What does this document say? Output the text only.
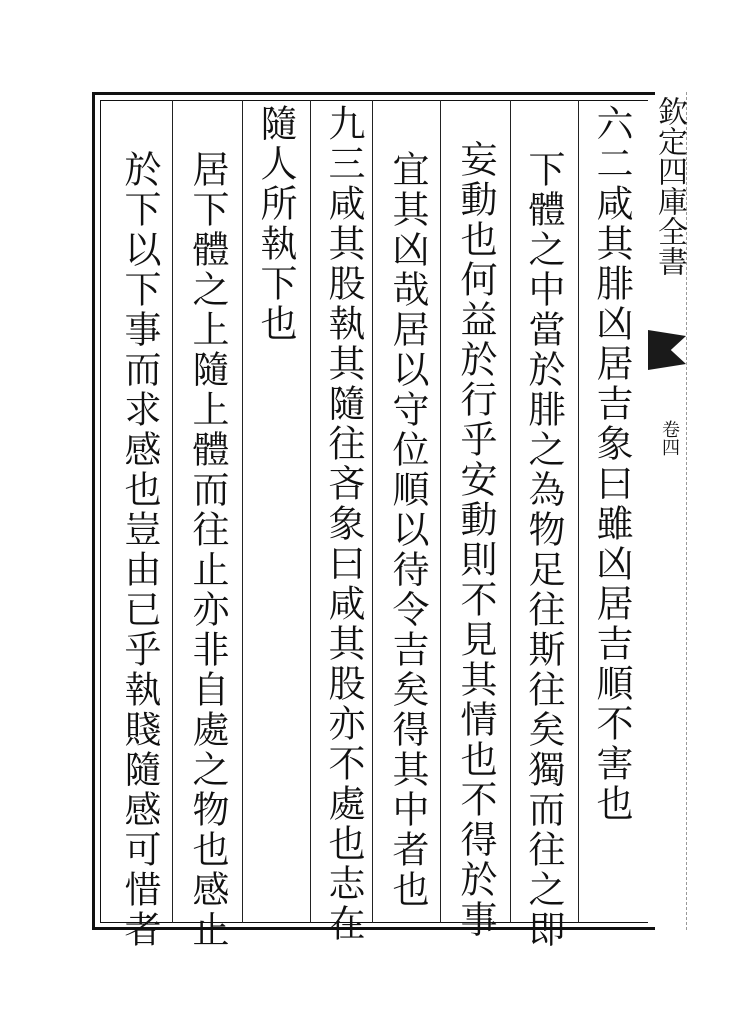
欽定四庫全書
卷四
六二咸其腓凶居吉象曰雖凶居吉順不害也
下體之中當於腓之為物足往斯往矣獨而往之即
妄動也何益於行乎安動則不見其情也不得於事
宜其凶哉居以守位順以待令吉矣得其中者也
九三咸其股執其隨往吝象曰咸其股亦不處也志在
隨人所執下也
居下體之上隨上體而往止亦非自處之物也感止
於下以下事而求感也豈由已乎執賤隨感可惜者
